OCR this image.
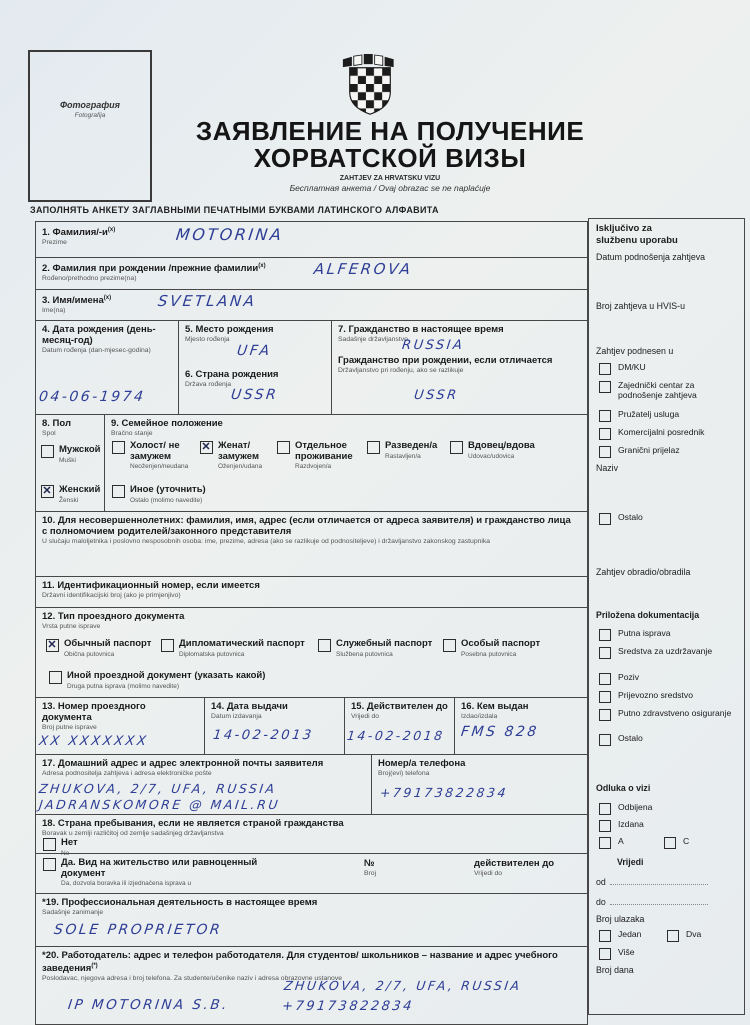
Фотография
Fotografija
ЗАЯВЛЕНИЕ НА ПОЛУЧЕНИЕ
ХОРВАТСКОЙ ВИЗЫ
ZAHTJEV ZA HRVATSKU VIZU
Бесплатная анкета / Ovaj obrazac se ne naplaćuje
ЗАПОЛНЯТЬ АНКЕТУ ЗАГЛАВНЫМИ ПЕЧАТНЫМИ БУКВАМИ ЛАТИНСКОГО АЛФАВИТА
1. Фамилия/$-и^{(x)}$
Prezime	MOTORINA
2. Фамилия при рождении /прежние фамилии$^{(x)}$
Rođeno/prethodno prezime(na)
ALFEROVA
3. Имя/имена$^{(x)}$
Ime(na)
SVETLANA
4. Дата рождения (день-месяц-год)
Datum rođenja (dan-mjesec-godina)
04-06-1974
5. Место рождения
Mjesto rođenja
UFA
6. Страна рождения
Država rođenja
USSR
7. Гражданство в настоящее время
Sadašnje državljanstvo
RUSSIA
Гражданство при рождении, если отличается
Državljanstvo pri rođenju, ako se razlikuje
USSR
8. Пол
Spol
Мужской
Muški
✕
Женский
Ženski
9. Семейное положение
Bračno stanje
Холост/ не замужем
Neoženjen/neudana
✕
Женат/ замужем
Oženjen/udana
Отдельное проживание
Razdvojen/a
Разведен/а
Rastavljen/a
Вдовец/вдова
Udovac/udovica
Иное (уточнить)
Ostalo (molimo navedite)
10. Для несовершеннолетних: фамилия, имя, адрес (если отличается от адреса заявителя) и гражданство лица с полномочием родителей/законного представителя
U slučaju maloljetnika i poslovno nesposobnih osoba: ime, prezime, adresa (ako se razlikuje od podnositeljeve) i državljanstvo zakonskog zastupnika
11. Идентификационный номер, если имеется
Državni identifikacijski broj (ako je primjenjivo)
12. Тип проездного документа
Vrsta putne isprave
✕
Обычный паспорт
Obična putovnica
Дипломатический паспорт
Diplomatska putovnica
Служебный паспорт
Službena putovnica
Особый паспорт
Posebna putovnica
Иной проездной документ (указать какой)
Druga putna isprava (molimo navedite)
13. Номер проездного документа
Broj putne isprave
XX XXXXXXX
14. Дата выдачи
Datum izdavanja
14-02-2013
15. Действителен до
Vrijedi do
14-02-2018
16. Кем выдан
Izdao/izdala
FMS 828
17. Домашний адрес и адрес электронной почты заявителя
Adresa podnositelja zahtjeva i adresa elektroničke pošte
ZHUKOVA, 2/7, UFA, RUSSIA
JADRANSKOMORE @ MAIL.RU
Номер/а телефона
Broj(evi) telefona
+79173822834
18. Страна пребывания, если не является страной гражданства
Boravak u zemlji različitoj od zemlje sadašnjeg državljanstva
Нет
Ne
Да. Вид на жительство или равноценный документ
Da, dozvola boravka ili izjednačena isprava u
№
Broj
действителен до
Vrijedi do
*19. Профессиональная деятельность в настоящее время
Sadašnje zanimanje
SOLE PROPRIETOR
*20. Работодатель: адрес и телефон работодателя. Для студентов/ школьников – название и адрес учебного заведения(*)
Poslodavac, njegova adresa i broj telefona. Za studente/učenike naziv i adresa obrazovne ustanove
IP MOTORINA S.B.
ZHUKOVA, 2/7, UFA, RUSSIA
+79173822834
Isključivo za
službenu uporabu
Datum podnošenja zahtjeva
Broj zahtjeva u HVIS-u
Zahtjev podnesen u
DM/KU
Zajednički centar za podnošenje zahtjeva
Pružatelj usluga
Komercijalni posrednik
Granični prijelaz
Naziv
Ostalo
Zahtjev obradio/obradila
Priložena dokumentacija
Putna isprava
Sredstva za uzdržavanje
Poziv
Prijevozno sredstvo
Putno zdravstveno osiguranje
Ostalo
Odluka o vizi
Odbijena
Izdana
A	C
Vrijedi
od
do
Broj ulazaka
Jedan	Dva
Više
Broj dana
